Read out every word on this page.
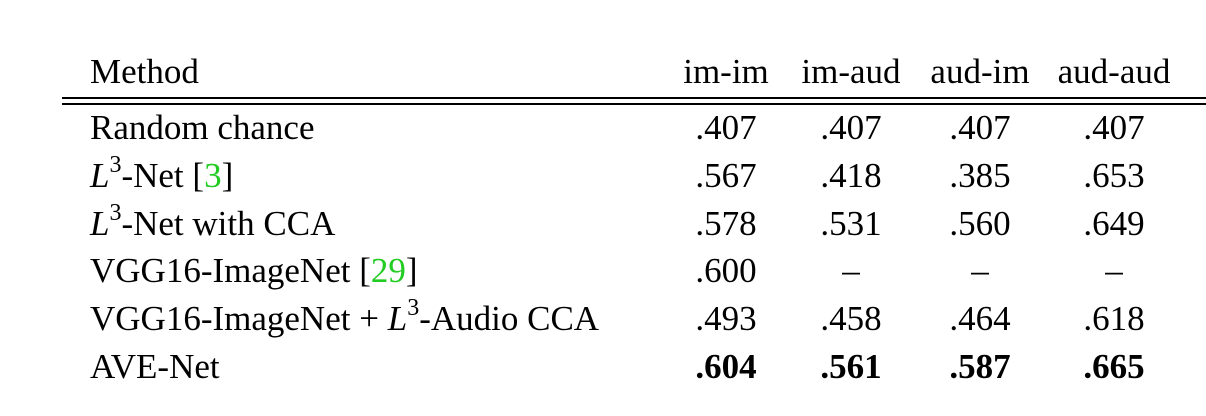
Method	im-im im-aud aud-im aud-aud
Random chance	.407	.407	.407	.407
$L^3$-Net [3]	.567	.418	.385	.653
$L^3$-Net with CCA	.578	.531	.560	.649
VGG16-ImageNet [29]	.600	–	–	–
VGG16-ImageNet + $L^3$-Audio CCA	.493	.458	.464	.618
AVE-Net	.604	.561	.587	.665
